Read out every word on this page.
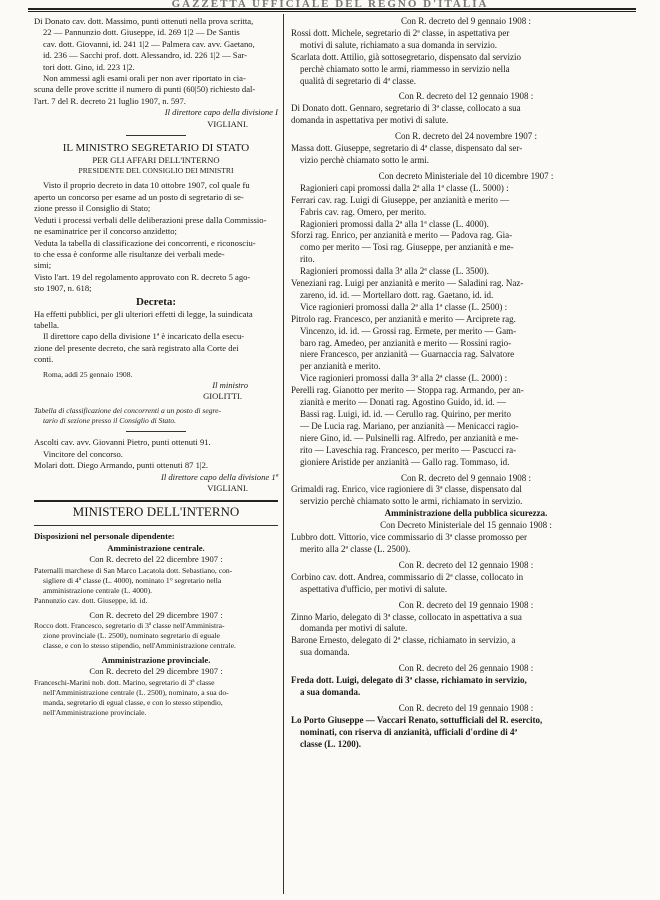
GAZZETTA UFFICIALE DEL REGNO D'ITALIA

Di Donato cav. dott. Massimo, punti ottenuti nella prova scritta,

22 — Pannunzio dott. Giuseppe, id. 269 1|2 — De Santis

cav. dott. Giovanni, id. 241 1|2 — Palmera cav. avv. Gaetano,

id. 236 — Sacchi prof. dott. Alessandro, id. 226 1|2 — Sar-

tori dott. Gino, id. 223 1|2.

Non ammessi agli esami orali per non aver riportato in cia-

scuna delle prove scritte il numero di punti (60|50) richiesto dal-

l'art. 7 del R. decreto 21 luglio 1907, n. 597.

Il direttore capo della divisione I

VIGLIANI.

IL MINISTRO SEGRETARIO DI STATO

PER GLI AFFARI DELL'INTERNO

PRESIDENTE DEL CONSIGLIO DEI MINISTRI

Visto il proprio decreto in data 10 ottobre 1907, col quale fu

aperto un concorso per esame ad un posto di segretario di se-

zione presso il Consiglio di Stato;

Veduti i processi verbali delle deliberazioni prese dalla Commissio-

ne esaminatrice per il concorso anzidetto;

Veduta la tabella di classificazione dei concorrenti, e riconosciu-

to che essa è conforme alle risultanze dei verbali mede-

simi;

Visto l'art. 19 del regolamento approvato con R. decreto 5 ago-

sto 1907, n. 618;

Decreta:

Ha effetti pubblici, per gli ulteriori effetti di legge, la suindicata

tabella.

Il direttore capo della divisione 1ª è incaricato della esecu-

zione del presente decreto, che sarà registrato alla Corte dei

conti.

Roma, addì 25 gennaio 1908.

Il ministro

GIOLITTI.

Tabella di classificazione dei concorrenti a un posto di segre-

tario di sezione presso il Consiglio di Stato.

Ascolti cav. avv. Giovanni Pietro, punti ottenuti 91.

Vincitore del concorso.

Molari dott. Diego Armando, punti ottenuti 87 1|2.

Il direttore capo della divisione 1ª

VIGLIANI.

MINISTERO DELL'INTERNO

Disposizioni nel personale dipendente:

Amministrazione centrale.

Con R. decreto del 22 dicembre 1907 :

Paternalli marchese di San Marco Lacatola dott. Sebastiano, con-

sigliere di 4ª classe (L. 4000), nominato 1° segretario nella

amministrazione centrale (L. 4000).

Pannunzio cav. dott. Giuseppe, id. id.

Con R. decreto del 29 dicembre 1907 :

Rocco dott. Francesco, segretario di 3ª classe nell'Amministra-

zione provinciale (L. 2500), nominato segretario di eguale

classe, e con lo stesso stipendio, nell'Amministrazione centrale.

Amministrazione provinciale.

Con R. decreto del 29 dicembre 1907 :

Franceschi-Marini nob. dott. Marino, segretario di 3ª classe

nell'Amministrazione centrale (L. 2500), nominato, a sua do-

manda, segretario di egual classe, e con lo stesso stipendio,

nell'Amministrazione provinciale.

Con R. decreto del 9 gennaio 1908 :

Rossi dott. Michele, segretario di 2ª classe, in aspettativa per

motivi di salute, richiamato a sua domanda in servizio.

Scarlata dott. Attilio, già sottosegretario, dispensato dal servizio

perchè chiamato sotto le armi, riammesso in servizio nella

qualità di segretario di 4ª classe.

Con R. decreto del 12 gennaio 1908 :

Di Donato dott. Gennaro, segretario di 3ª classe, collocato a sua

domanda in aspettativa per motivi di salute.

Con R. decreto del 24 novembre 1907 :

Massa dott. Giuseppe, segretario di 4ª classe, dispensato dal ser-

vizio perchè chiamato sotto le armi.

Con decreto Ministeriale del 10 dicembre 1907 :

Ragionieri capi promossi dalla 2ª alla 1ª classe (L. 5000) :

Ferrari cav. rag. Luigi di Giuseppe, per anzianità e merito —

Fabris cav. rag. Omero, per merito.

Ragionieri promossi dalla 2ª alla 1ª classe (L. 4000).

Sforzi rag. Enrico, per anzianità e merito — Padova rag. Gia-

como per merito — Tosi rag. Giuseppe, per anzianità e me-

rito.

Ragionieri promossi dalla 3ª alla 2ª classe (L. 3500).

Veneziani rag. Luigi per anzianità e merito — Saladini rag. Naz-

zareno, id. id. — Mortellaro dott. rag. Gaetano, id. id.

Vice ragionieri promossi dalla 2ª alla 1ª classe (L. 2500) :

Pitrolo rag. Francesco, per anzianità e merito — Arciprete rag.

Vincenzo, id. id. — Grossi rag. Ermete, per merito — Gam-

baro rag. Amedeo, per anzianità e merito — Rossini ragio-

niere Francesco, per anzianità — Guarnaccia rag. Salvatore

per anzianità e merito.

Vice ragionieri promossi dalla 3ª alla 2ª classe (L. 2000) :

Perelli rag. Gianotto per merito — Stoppa rag. Armando, per an-

zianità e merito — Donati rag. Agostino Guido, id. id. —

Bassi rag. Luigi, id. id. — Cerullo rag. Quirino, per merito

— De Lucia rag. Mariano, per anzianità — Menicacci ragio-

niere Gino, id. — Pulsinelli rag. Alfredo, per anzianità e me-

rito — Laveschia rag. Francesco, per merito — Pascucci ra-

gioniere Aristide per anzianità — Gallo rag. Tommaso, id.

Con R. decreto del 9 gennaio 1908 :

Grimaldi rag. Enrico, vice ragioniere di 3ª classe, dispensato dal

servizio perchè chiamato sotto le armi, richiamato in servizio.

Amministrazione della pubblica sicurezza.

Con Decreto Ministeriale del 15 gennaio 1908 :

Lubbro dott. Vittorio, vice commissario di 3ª classe promosso per

merito alla 2ª classe (L. 2500).

Con R. decreto del 12 gennaio 1908 :

Corbino cav. dott. Andrea, commissario di 2ª classe, collocato in

aspettativa d'ufficio, per motivi di salute.

Con R. decreto del 19 gennaio 1908 :

Zinno Mario, delegato di 3ª classe, collocato in aspettativa a sua

domanda per motivi di salute.

Barone Ernesto, delegato di 2ª classe, richiamato in servizio, a

sua domanda.

Con R. decreto del 26 gennaio 1908 :

Freda dott. Luigi, delegato di 3ª classe, richiamato in servizio,

a sua domanda.

Con R. decreto del 19 gennaio 1908 :

Lo Porto Giuseppe — Vaccari Renato, sottufficiali del R. esercito,

nominati, con riserva di anzianità, ufficiali d'ordine di 4ª

classe (L. 1200).
